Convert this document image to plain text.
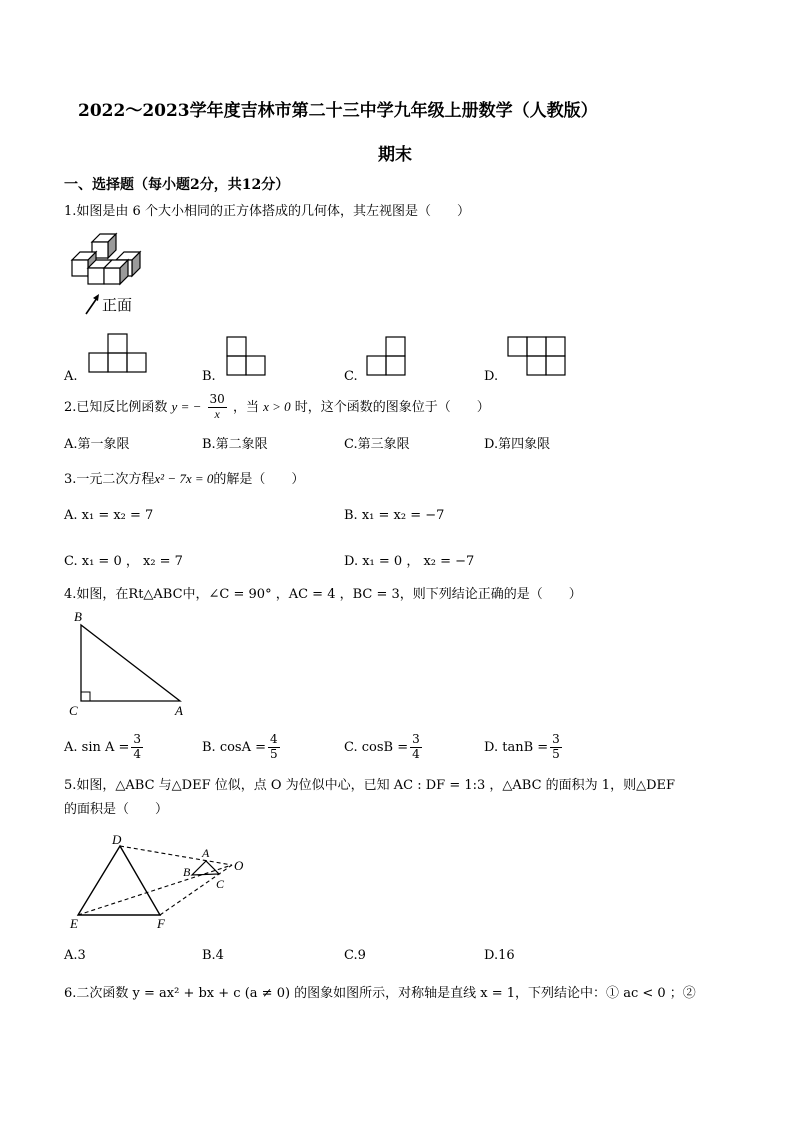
2022～2023学年度吉林市第二十三中学九年级上册数学（人教版）
期末
一、选择题（每小题2分，共12分）
1.如图是由 6 个大小相同的正方体搭成的几何体，其左视图是（　　）
正面
A.	B.	C.	D.
2.已知反比例函数 y = − $\frac{30}{x}$ ，当 x > 0 时，这个函数的图象位于（　　）
A.第一象限	B.第二象限	C.第三象限	D.第四象限
3.一元二次方程x² − 7x = 0的解是（　　）
A. x₁ = x₂ = 7	B. x₁ = x₂ = −7
C. x₁ = 0 ， x₂ = 7	D. x₁ = 0 ， x₂ = −7
4.如图，在Rt△ABC中，∠C = 90° ，AC = 4 ，BC = 3，则下列结论正确的是（　　）
B
C	A
A. $\sin A = \frac{3}{4}$	B. $\cos A = \frac{4}{5}$	C. $\cos B = \frac{3}{4}$	D. $\tan B = \frac{3}{5}$
5.如图，△ABC 与△DEF 位似，点 O 为位似中心，已知 AC : DF = 1:3 ，△ABC 的面积为 1，则△DEF
的面积是（　　）
D
E	F
A
B
C
O
A.3	B.4	C.9	D.16
6.二次函数 y = ax² + bx + c (a ≠ 0) 的图象如图所示，对称轴是直线 x = 1，下列结论中：① ac < 0 ；②
